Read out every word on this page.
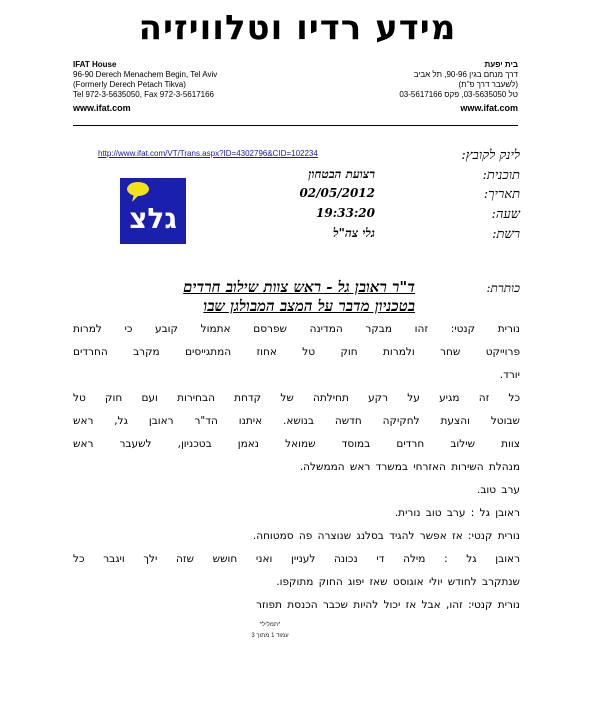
מידע רדיו וטלוויזיה
IFAT House
96-90 Derech Menachem Begin, Tel Aviv
(Formerly Derech Petach Tikva)
Tel 972-3-5635050, Fax 972-3-5617166
www.ifat.com
בית יפעת
דרך מנחם בגין 90-96, תל אביב
(לשעבר דרך פ"ת)
טל 03-5635050, פקס 03-5617166
www.ifat.com
http://www.ifat.com/VT/Trans.aspx?ID=4302796&CID=102234	לינק לקובץ:
תוכנית:
רצועת הבטחון
תאריך:
02/05/2012
שעה:
19:33:20
רשת:
גלי צה"ל
גלצ
כותרת:
ד"ר ראובן גל - ראש צוות שילוב חרדים
בטכניון מדבר על המצב המבולגן שבו
נורית קנטי: זהו מבקר המדינה שפרסם אתמול קובע כי למרות
פרוייקט שחר ולמרות חוק טל אחוז המתגייסים מקרב החרדים
יורד.
כל זה מגיע על רקע תחילתה של קדחת הבחירות ועם חוק טל
שבוטל והצעת לחקיקה חדשה בנושא. איתנו הד"ר ראובן גל, ראש
צוות שילוב חרדים במוסד שמואל נאמן בטכניון, לשעבר ראש
מנהלת השירות האזרחי במשרד ראש הממשלה.
ערב טוב.
ראובן גל : ערב טוב נורית.
נורית קנטי: אז אפשר להגיד בסלנג שנוצרה פה סמטוחה.
ראובן גל : מילה די נכונה לעניין ואני חושש שזה ילך ויגבר כל
שנתקרב לחודש יולי אוגוסט שאז יפוג החוק מתוקפו.
נורית קנטי: זהו, אבל אז יכול להיות שכבר הכנסת תפוזר
*תמליל*
עמוד 1 מתוך 3
